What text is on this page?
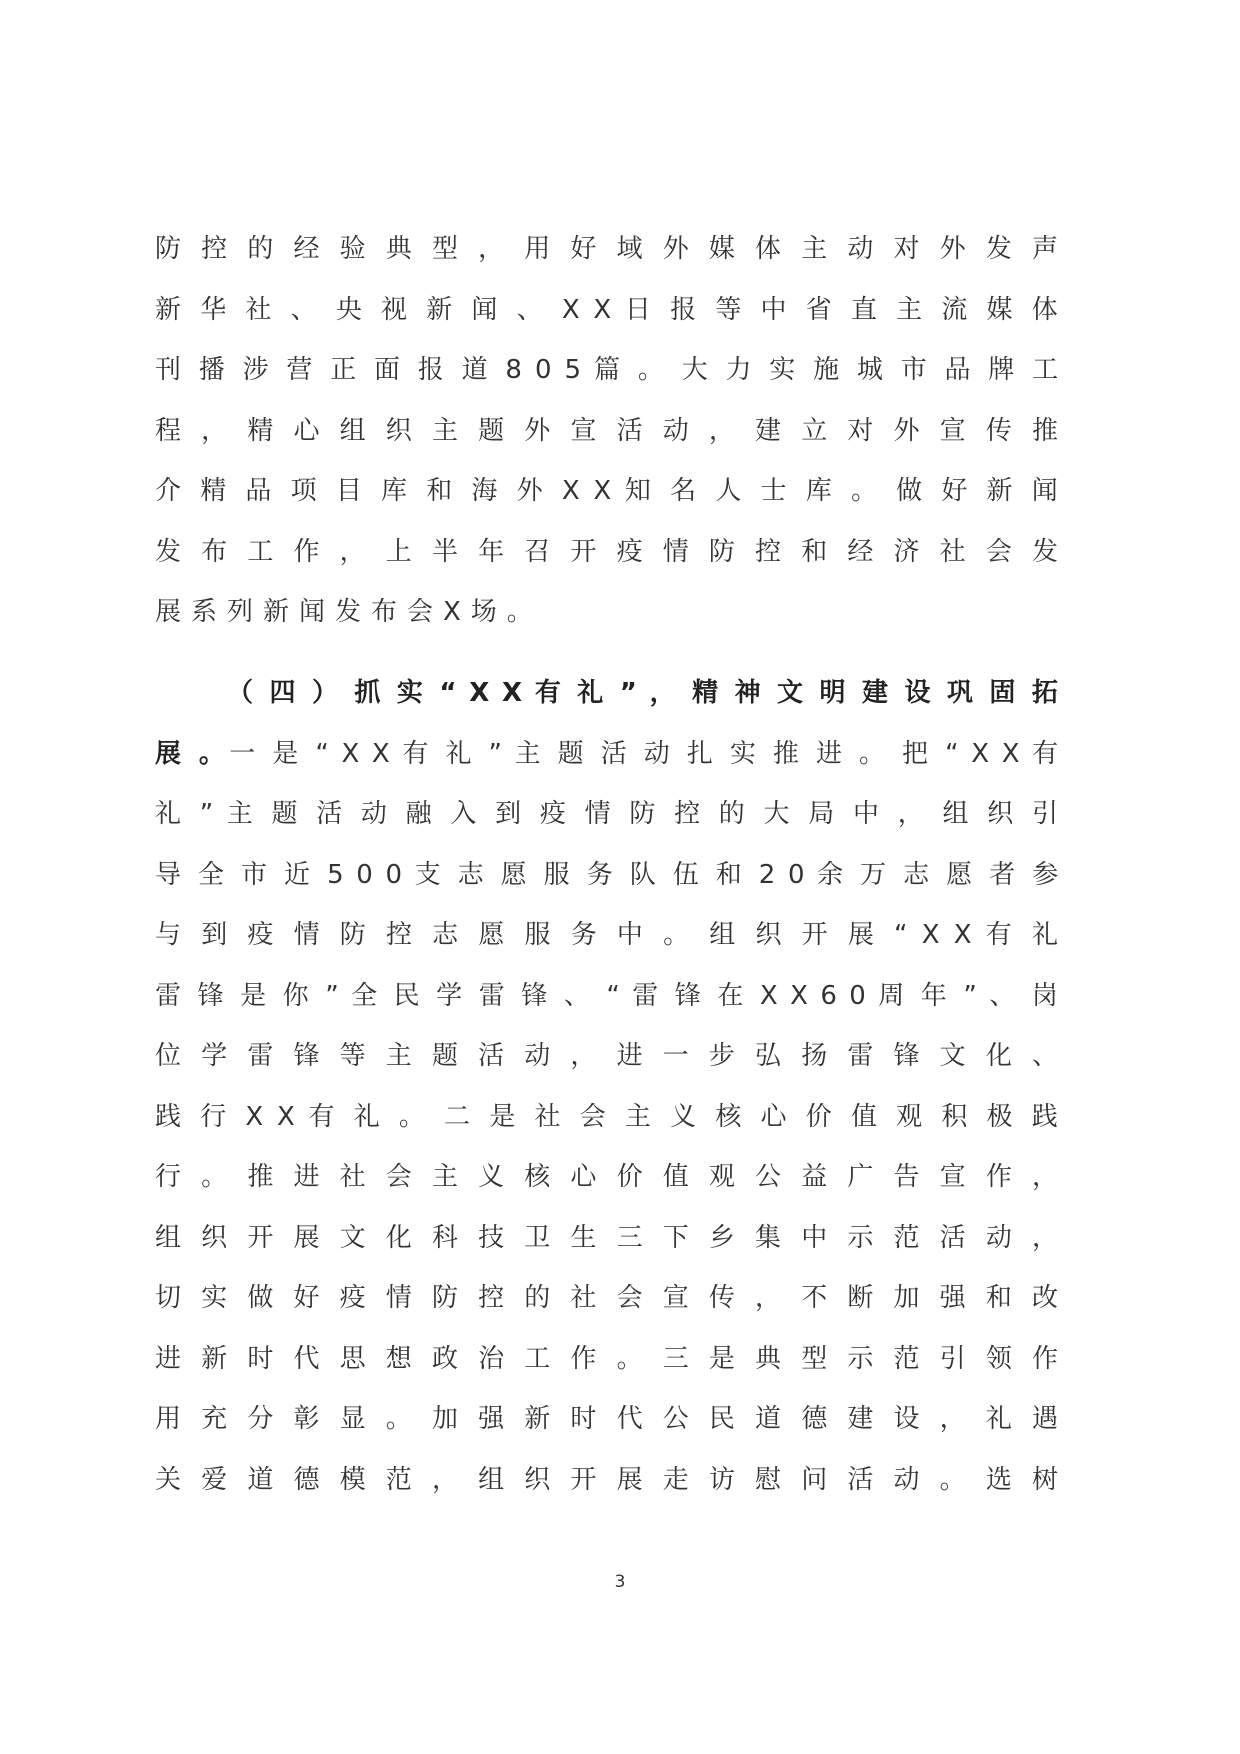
防 控 的 经 验 典 型 ， 用 好 域 外 媒 体 主 动 对 外 发 声
新 华 社 、 央 视 新 闻 、 X X 日 报 等 中 省 直 主 流 媒 体
刊 播 涉 营 正 面 报 道 8 0 5 篇 。 大 力 实 施 城 市 品 牌 工
程 ， 精 心 组 织 主 题 外 宣 活 动 ， 建 立 对 外 宣 传 推
介 精 品 项 目 库 和 海 外 X X 知 名 人 士 库 。 做 好 新 闻
发 布 工 作 ， 上 半 年 召 开 疫 情 防 控 和 经 济 社 会 发
展系列新闻发布会X场。
（ 四 ） 抓 实 “ X X 有 礼 ” ， 精 神 文 明 建 设 巩 固 拓
展 。一 是 “ X X 有 礼 ” 主 题 活 动 扎 实 推 进 。 把 “ X X 有
礼 ” 主 题 活 动 融 入 到 疫 情 防 控 的 大 局 中 ， 组 织 引
导 全 市 近 5 0 0 支 志 愿 服 务 队 伍 和 2 0 余 万 志 愿 者 参
与 到 疫 情 防 控 志 愿 服 务 中 。 组 织 开 展 “ X X 有 礼
雷 锋 是 你 ” 全 民 学 雷 锋 、 “ 雷 锋 在 X X 6 0 周 年 ” 、 岗
位 学 雷 锋 等 主 题 活 动 ， 进 一 步 弘 扬 雷 锋 文 化 、
践 行 X X 有 礼 。 二 是 社 会 主 义 核 心 价 值 观 积 极 践
行 。 推 进 社 会 主 义 核 心 价 值 观 公 益 广 告 宣 作 ，
组 织 开 展 文 化 科 技 卫 生 三 下 乡 集 中 示 范 活 动 ，
切 实 做 好 疫 情 防 控 的 社 会 宣 传 ， 不 断 加 强 和 改
进 新 时 代 思 想 政 治 工 作 。 三 是 典 型 示 范 引 领 作
用 充 分 彰 显 。 加 强 新 时 代 公 民 道 德 建 设 ， 礼 遇
关 爱 道 德 模 范 ， 组 织 开 展 走 访 慰 问 活 动 。 选 树
3
